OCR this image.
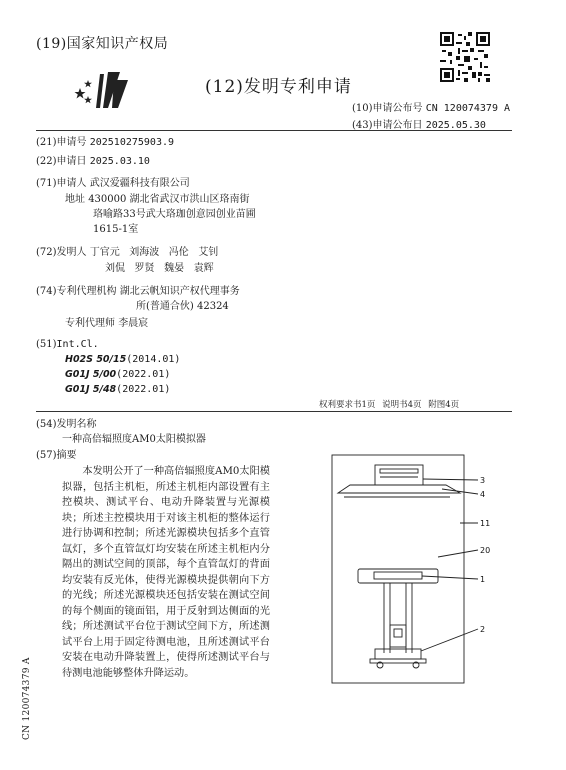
(19)国家知识产权局
(12)发明专利申请
(10)申请公布号 CN 120074379 A
(43)申请公布日 2025.05.30
(21)申请号 202510275903.9
(22)申请日 2025.03.10
(71)申请人 武汉爱疆科技有限公司
地址 430000 湖北省武汉市洪山区珞南街
珞喻路33号武大珞珈创意园创业苗圃
1615-1室
(72)发明人 丁官元   刘海波   冯伦   艾钊
刘侃   罗贤   魏晏   袁辉
(74)专利代理机构 湖北云帆知识产权代理事务
所(普通合伙) 42324
专利代理师 李晨宸
(51)Int.Cl.
H02S 50/15(2014.01)
G01J 5/00(2022.01)
G01J 5/48(2022.01)
权利要求书1页 说明书4页 附图4页
(54)发明名称
一种高倍辐照度AM0太阳模拟器
(57)摘要

本发明公开了一种高倍辐照度AM0太阳模拟器，包括主机柜，所述主机柜内部设置有主控模块、测试平台、电动升降装置与光源模块；所述主控模块用于对该主机柜的整体运行进行协调和控制；所述光源模块包括多个直管氙灯，多个直管氙灯均安装在所述主机柜内分隔出的测试空间的顶部，每个直管氙灯的背面均安装有反光体，使得光源模块提供朝向下方的光线；所述光源模块还包括安装在测试空间的每个侧面的镜面铝，用于反射到达侧面的光线；所述测试平台位于测试空间下方，所述测试平台上用于固定待测电池，且所述测试平台安装在电动升降装置上，使得所述测试平台与待测电池能够整体升降运动。

CN 120074379 A
3
4
11
20
1
2
